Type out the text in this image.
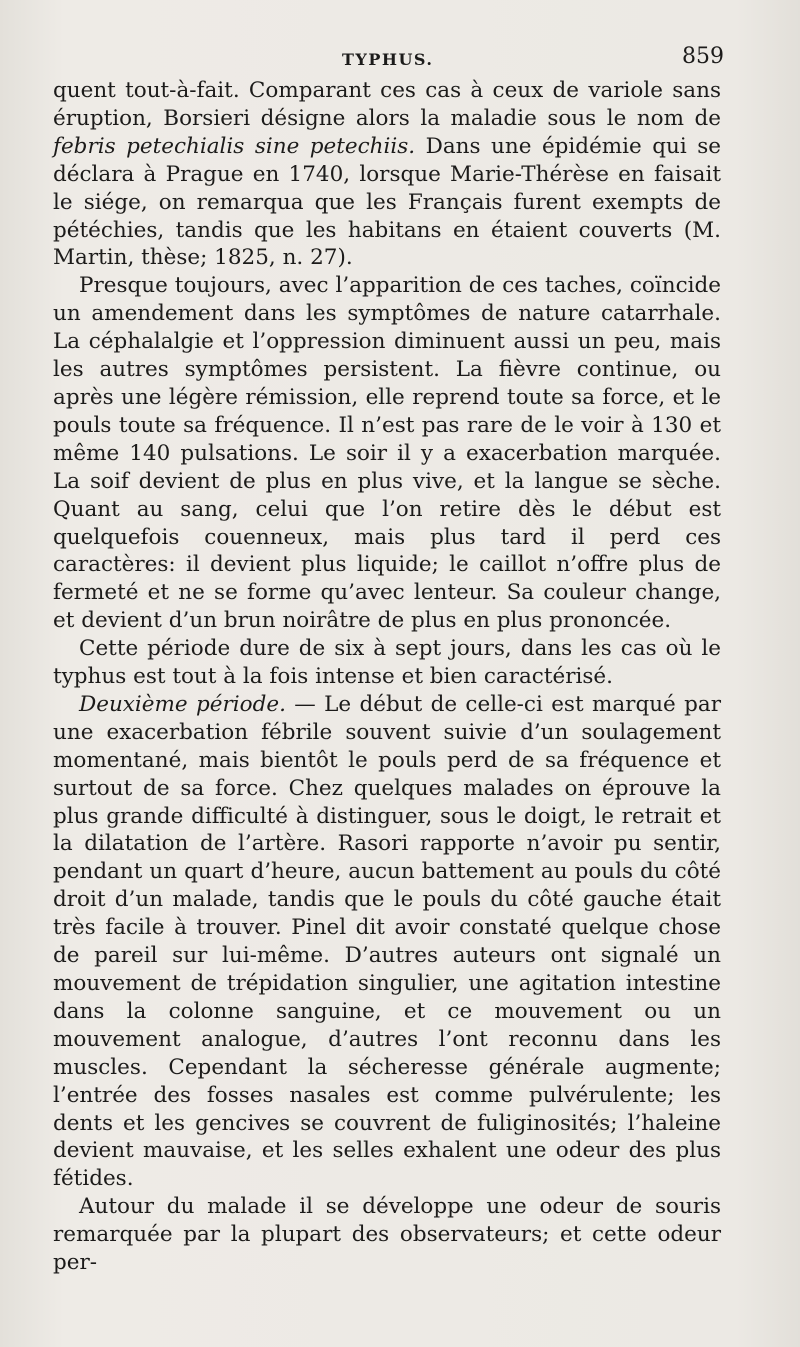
TYPHUS.	859

quent tout-à-fait. Comparant ces cas à ceux de variole sans éruption, Borsieri désigne alors la maladie sous le nom de febris petechialis sine petechiis. Dans une épidémie qui se déclara à Prague en 1740, lorsque Marie-Thérèse en faisait le siége, on remarqua que les Français furent exempts de pétéchies, tandis que les habitans en étaient couverts (M. Martin, thèse; 1825, n. 27).

Presque toujours, avec l’apparition de ces taches, coïncide un amendement dans les symptômes de nature catarrhale. La céphalalgie et l’oppression diminuent aussi un peu, mais les autres symptômes persistent. La fièvre continue, ou après une légère rémission, elle reprend toute sa force, et le pouls toute sa fréquence. Il n’est pas rare de le voir à 130 et même 140 pulsations. Le soir il y a exacerbation marquée. La soif devient de plus en plus vive, et la langue se sèche. Quant au sang, celui que l’on retire dès le début est quelquefois couenneux, mais plus tard il perd ces caractères: il devient plus liquide; le caillot n’offre plus de fermeté et ne se forme qu’avec lenteur. Sa couleur change, et devient d’un brun noirâtre de plus en plus prononcée.

Cette période dure de six à sept jours, dans les cas où le typhus est tout à la fois intense et bien caractérisé.

Deuxième période. — Le début de celle-ci est marqué par une exacerbation fébrile souvent suivie d’un soulagement momentané, mais bientôt le pouls perd de sa fréquence et surtout de sa force. Chez quelques malades on éprouve la plus grande difficulté à distinguer, sous le doigt, le retrait et la dilatation de l’artère. Rasori rapporte n’avoir pu sentir, pendant un quart d’heure, aucun battement au pouls du côté droit d’un malade, tandis que le pouls du côté gauche était très facile à trouver. Pinel dit avoir constaté quelque chose de pareil sur lui-même. D’autres auteurs ont signalé un mouvement de trépidation singulier, une agitation intestine dans la colonne sanguine, et ce mouvement ou un mouvement analogue, d’autres l’ont reconnu dans les muscles. Cependant la sécheresse générale augmente; l’entrée des fosses nasales est comme pulvérulente; les dents et les gencives se couvrent de fuliginosités; l’haleine devient mauvaise, et les selles exhalent une odeur des plus fétides.

Autour du malade il se développe une odeur de souris remarquée par la plupart des observateurs; et cette odeur per-
